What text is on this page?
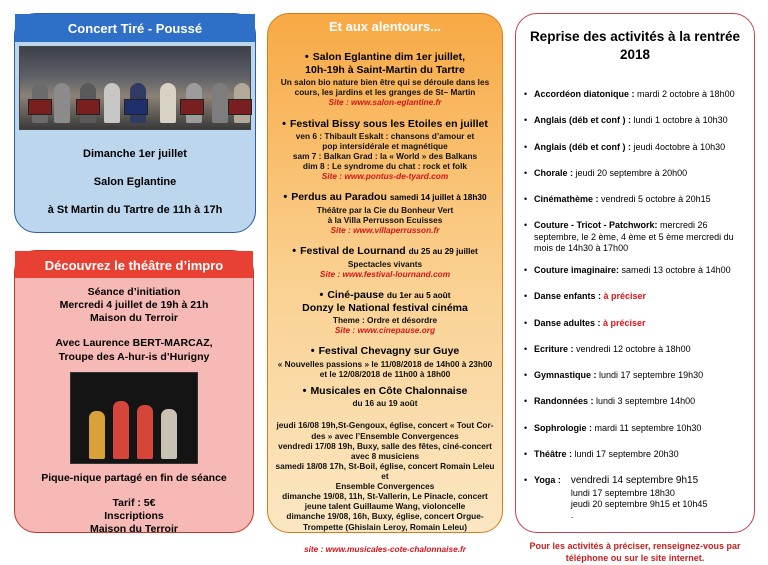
Concert Tiré - Poussé
Dimanche 1er juillet
Salon Eglantine
à St Martin du Tartre de 11h à 17h
Découvrez le théâtre d’impro
Séance d’initiation
Mercredi 4 juillet de 19h à 21h
Maison du Terroir
Avec Laurence BERT-MARCAZ,
Troupe des A-hur-is d’Hurigny
Pique-nique partagé en fin de séance
Tarif : 5€
Inscriptions
Maison du Terroir
Et aux alentours...
• Salon Eglantine dim 1er juillet,
10h-19h à Saint-Martin du Tartre
Un salon bio nature bien être qui se déroule dans les
cours, les jardins et les granges de St– Martin
Site : www.salon-eglantine.fr
• Festival Bissy sous les Etoiles en juillet
ven 6 : Thibault Eskalt : chansons d’amour et
pop intersidérale et magnétique
sam 7 : Balkan Grad : la « World » des Balkans
dim 8 : Le syndrome du chat : rock et folk
Site : www.pontus-de-tyard.com
• Perdus au Paradou samedi 14 juillet à 18h30
Théâtre par la Cie du Bonheur Vert
à la Villa Perrusson Ecuisses
Site : www.villaperrusson.fr
• Festival de Lournand du 25 au 29 juillet
Spectacles vivants
Site : www.festival-lournand.com
• Ciné-pause du 1er au 5 août
Donzy le National festival cinéma
Theme : Ordre et désordre
Site : www.cinepause.org
• Festival Chevagny sur Guye
« Nouvelles passions » le 11/08/2018 de 14h00 à 23h00
et le 12/08/2018 de 11h00 à 18h00
• Musicales en Côte Chalonnaise
du 16 au 19 août
jeudi 16/08 19h,St-Gengoux, église, concert « Tout Cor-
des » avec l’Ensemble Convergences
vendredi 17/08 19h, Buxy, salle des fêtes, ciné-concert
avec 8 musiciens
samedi 18/08 17h, St-Boil, église, concert Romain Leleu et
Ensemble Convergences
dimanche 19/08, 11h, St-Vallerin, Le Pinacle, concert
jeune talent Guillaume Wang, violoncelle
dimanche 19/08, 16h, Buxy, église, concert Orgue-
Trompette (Ghislain Leroy, Romain Leleu)
site : www.musicales-cote-chalonnaise.fr
Reprise des activités à la rentrée
2018
• Accordéon diatonique : mardi 2 octobre à 18h00
• Anglais (déb et conf ) : lundi 1 octobre à 10h30
• Anglais (déb et conf ) : jeudi 4octobre à 10h30
• Chorale : jeudi 20 septembre à 20h00
• Cinémathème : vendredi 5 octobre à 20h15
• Couture - Tricot - Patchwork: mercredi 26 septembre, le 2 ème, 4 ème et 5 ème mercredi du mois de 14h30 à 17h00
• Couture imaginaire: samedi 13 octobre à 14h00
• Danse enfants : à préciser
• Danse adultes : à préciser
• Ecriture : vendredi 12 octobre à 18h00
• Gymnastique : lundi 17 septembre 19h30
• Randonnées : lundi 3 septembre 14h00
• Sophrologie : mardi 11 septembre 10h30
• Théâtre : lundi 17 septembre 20h30
• Yoga : vendredi 14 septembre 9h15
lundi 17 septembre 18h30
jeudi 20 septembre 9h15 et 10h45
.
Pour les activités à préciser, renseignez-vous par téléphone ou sur le site internet.
